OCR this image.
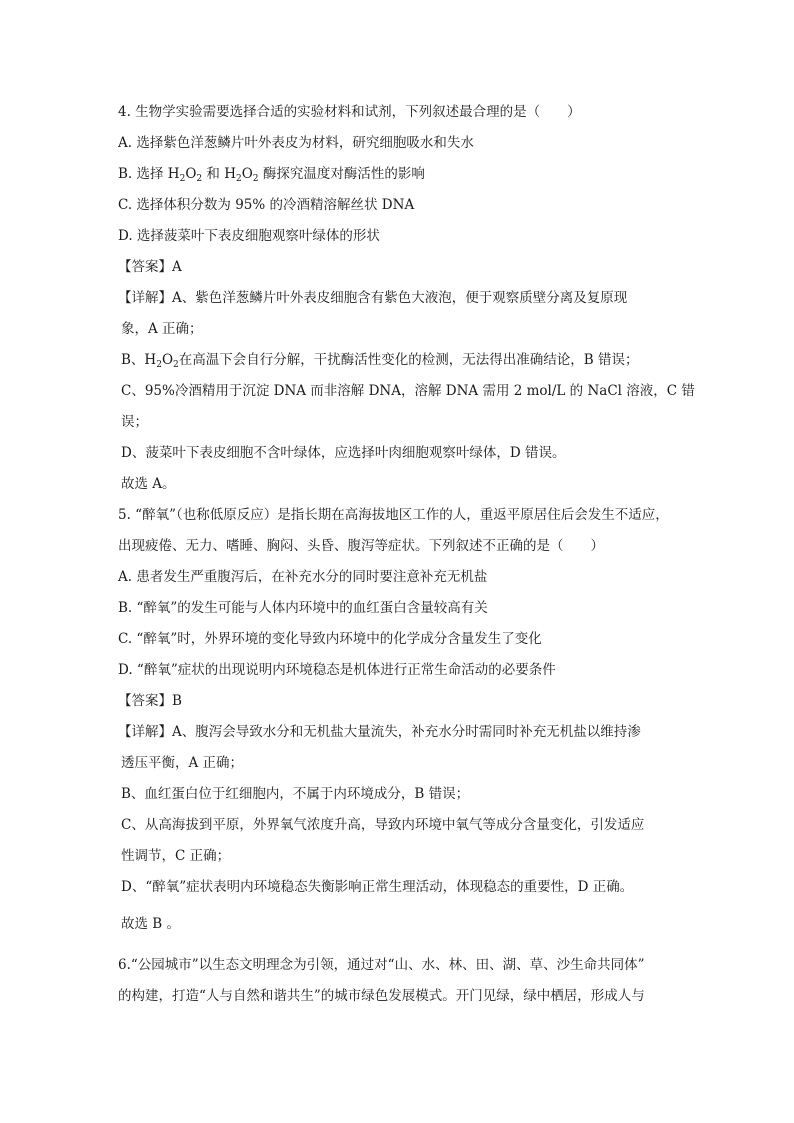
4. 生物学实验需要选择合适的实验材料和试剂，下列叙述最合理的是（　　）
A. 选择紫色洋葱鳞片叶外表皮为材料，研究细胞吸水和失水
B. 选择 $H_2O_2$ 和 $H_2O_2$ 酶探究温度对酶活性的影响
C. 选择体积分数为 95% 的冷酒精溶解丝状 DNA
D. 选择菠菜叶下表皮细胞观察叶绿体的形状
【答案】A
【详解】A、紫色洋葱鳞片叶外表皮细胞含有紫色大液泡，便于观察质壁分离及复原现
象，A 正确；
B、$H_2O_2$在高温下会自行分解，干扰酶活性变化的检测，无法得出准确结论，B 错误；
C、95%冷酒精用于沉淀 DNA 而非溶解 DNA，溶解 DNA 需用 2 mol/L 的 NaCl 溶液，C 错
误；
D、菠菜叶下表皮细胞不含叶绿体，应选择叶肉细胞观察叶绿体，D 错误。
故选 A。
5. “醉氧”（也称低原反应）是指长期在高海拔地区工作的人，重返平原居住后会发生不适应，
出现疲倦、无力、嗜睡、胸闷、头昏、腹泻等症状。下列叙述不正确的是（　　）
A. 患者发生严重腹泻后，在补充水分的同时要注意补充无机盐
B. “醉氧”的发生可能与人体内环境中的血红蛋白含量较高有关
C. “醉氧”时，外界环境的变化导致内环境中的化学成分含量发生了变化
D. “醉氧”症状的出现说明内环境稳态是机体进行正常生命活动的必要条件
【答案】B
【详解】A、腹泻会导致水分和无机盐大量流失，补充水分时需同时补充无机盐以维持渗
透压平衡，A 正确；
B、血红蛋白位于红细胞内，不属于内环境成分，B 错误；
C、从高海拔到平原，外界氧气浓度升高，导致内环境中氧气等成分含量变化，引发适应
性调节，C 正确；
D、“醉氧”症状表明内环境稳态失衡影响正常生理活动，体现稳态的重要性，D 正确。
故选 B 。
6.“公园城市”以生态文明理念为引领，通过对“山、水、林、田、湖、草、沙生命共同体”
的构建，打造“人与自然和谐共生”的城市绿色发展模式。开门见绿，绿中栖居，形成人与
